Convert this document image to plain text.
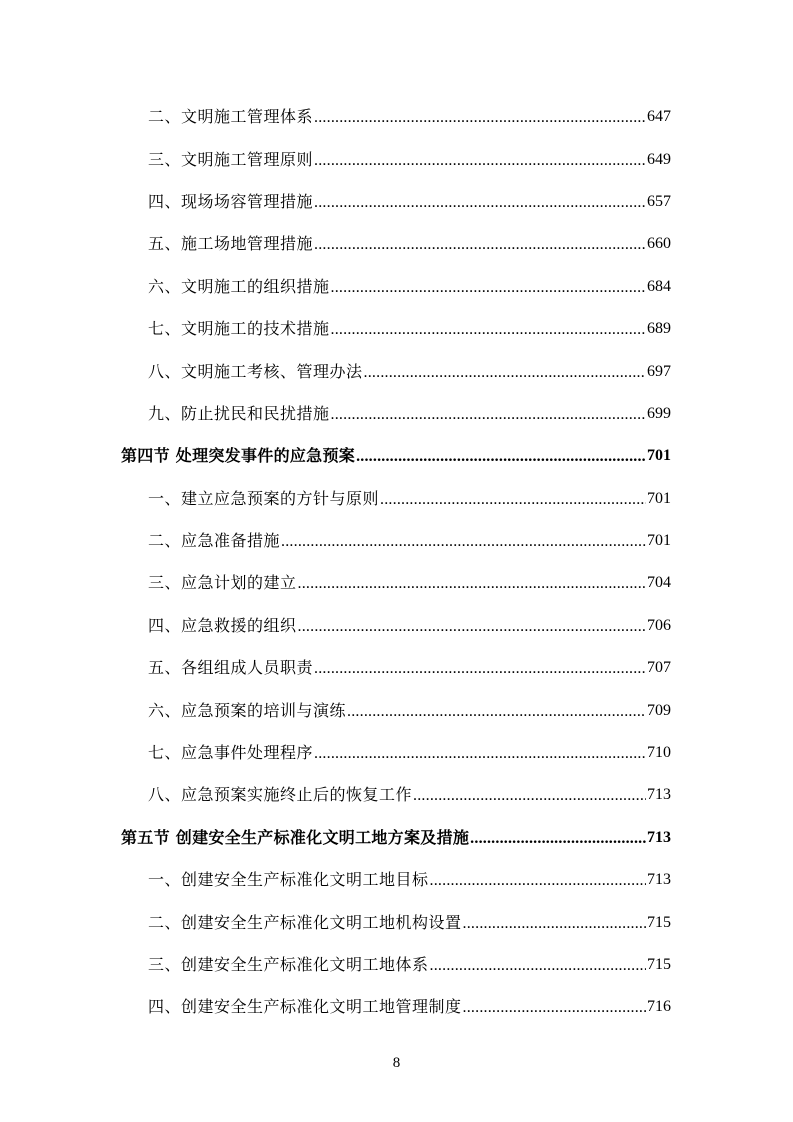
二、文明施工管理体系 .....	647
三、文明施工管理原则 .....	649
四、现场场容管理措施 .....	657
五、施工场地管理措施 .....	660
六、文明施工的组织措施 .....	684
七、文明施工的技术措施 .....	689
八、文明施工考核、管理办法 .....	697
九、防止扰民和民扰措施 .....	699
第四节 处理突发事件的应急预案 .....	701
一、建立应急预案的方针与原则 .....	701
二、应急准备措施 .....	701
三、应急计划的建立 .....	704
四、应急救援的组织 .....	706
五、各组组成人员职责 .....	707
六、应急预案的培训与演练 .....	709
七、应急事件处理程序 .....	710
八、应急预案实施终止后的恢复工作 .....	713
第五节 创建安全生产标准化文明工地方案及措施 .....	713
一、创建安全生产标准化文明工地目标 .....	713
二、创建安全生产标准化文明工地机构设置 .....	715
三、创建安全生产标准化文明工地体系 .....	715
四、创建安全生产标准化文明工地管理制度 .....	716
8
